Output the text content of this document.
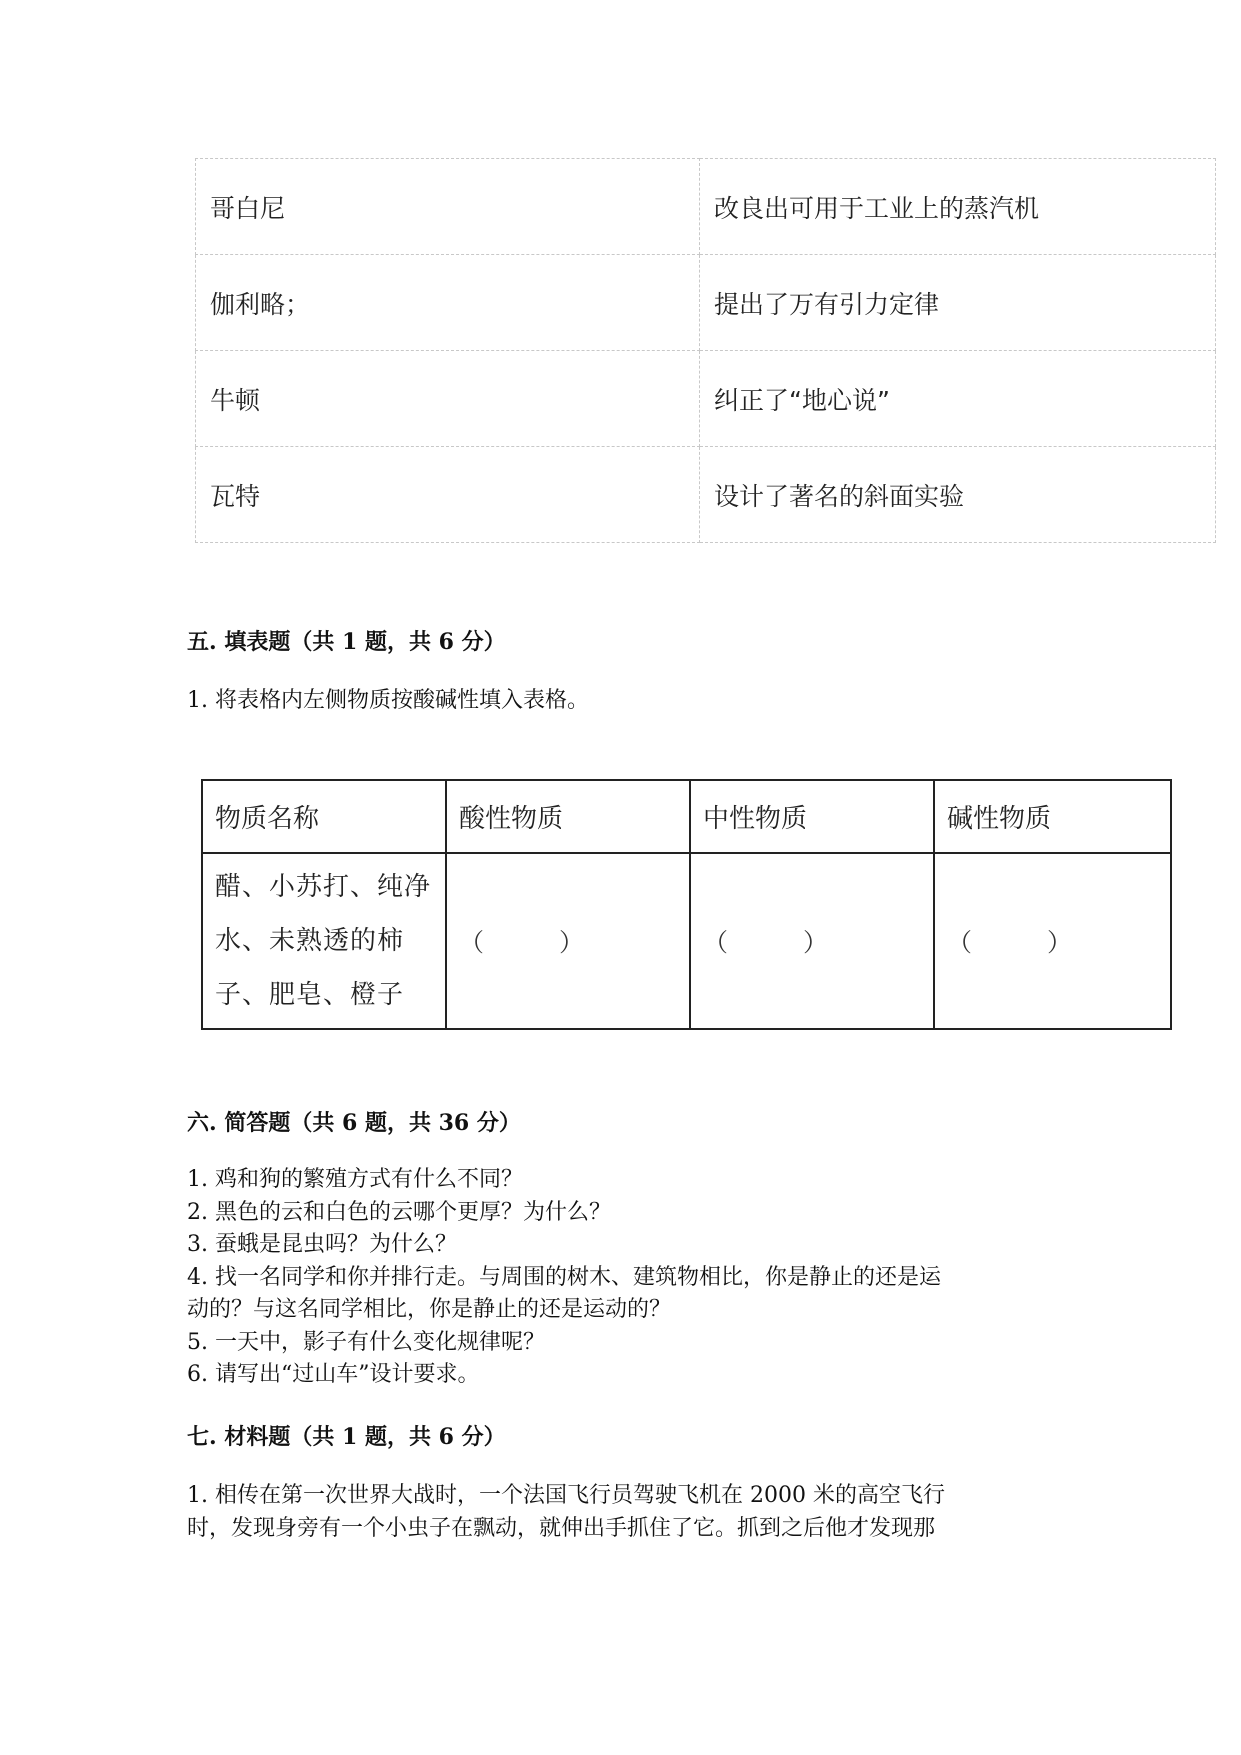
哥白尼	改良出可用于工业上的蒸汽机
伽利略；	提出了万有引力定律
牛顿	纠正了“地心说”
瓦特	设计了著名的斜面实验
五. 填表题（共 1 题，共 6 分）
1. 将表格内左侧物质按酸碱性填入表格。
物质名称	酸性物质	中性物质	碱性物质

醋、小苏打、纯净
水、未熟透的柿
子、肥皂、橙子	（　　　）	（　　　）	（　　　）
六. 简答题（共 6 题，共 36 分）
1. 鸡和狗的繁殖方式有什么不同？
2. 黑色的云和白色的云哪个更厚？为什么？
3. 蚕蛾是昆虫吗？为什么？
4. 找一名同学和你并排行走。与周围的树木、建筑物相比，你是静止的还是运
动的？与这名同学相比，你是静止的还是运动的？
5. 一天中，影子有什么变化规律呢？
6. 请写出“过山车”设计要求。
七. 材料题（共 1 题，共 6 分）
1. 相传在第一次世界大战时，一个法国飞行员驾驶飞机在 2000 米的高空飞行
时，发现身旁有一个小虫子在飘动，就伸出手抓住了它。抓到之后他才发现那
